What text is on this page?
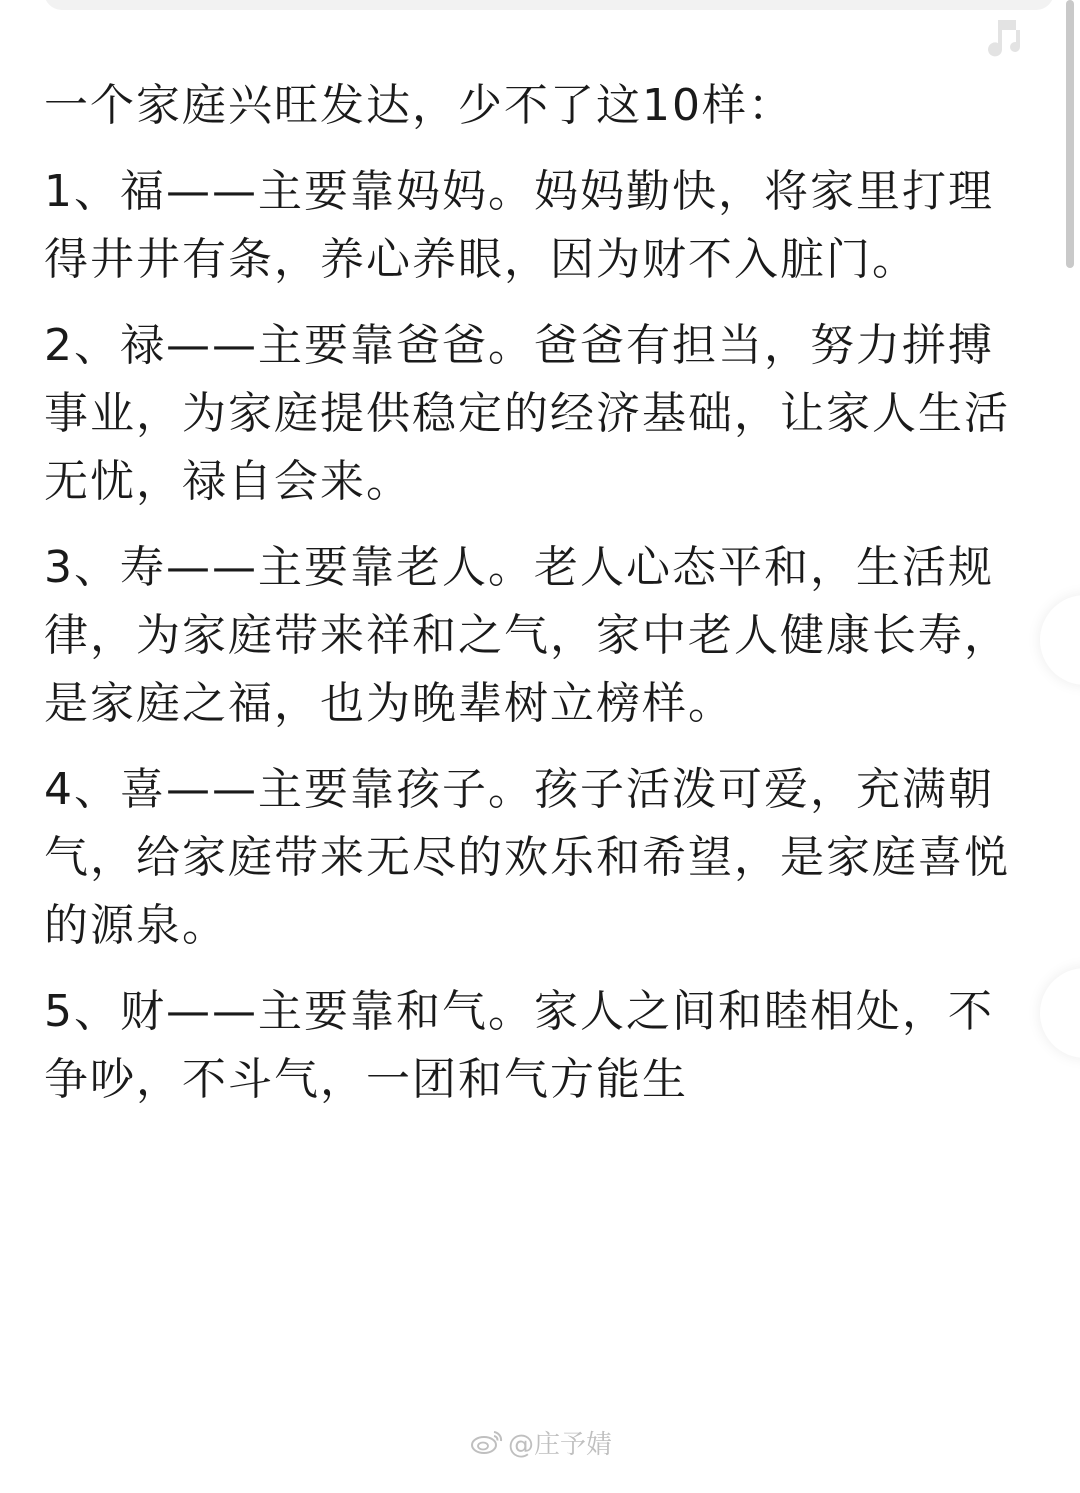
一个家庭兴旺发达，少不了这10样：

1、福——主要靠妈妈。妈妈勤快，将家里打理得井井有条，养心养眼，因为财不入脏门。

2、禄——主要靠爸爸。爸爸有担当，努力拼搏事业，为家庭提供稳定的经济基础，让家人生活无忧，禄自会来。

3、寿——主要靠老人。老人心态平和，生活规律，为家庭带来祥和之气，家中老人健康长寿，是家庭之福，也为晚辈树立榜样。

4、喜——主要靠孩子。孩子活泼可爱，充满朝气，给家庭带来无尽的欢乐和希望，是家庭喜悦的源泉。

5、财——主要靠和气。家人之间和睦相处，不争吵，不斗气，一团和气方能生

@庄予婧
